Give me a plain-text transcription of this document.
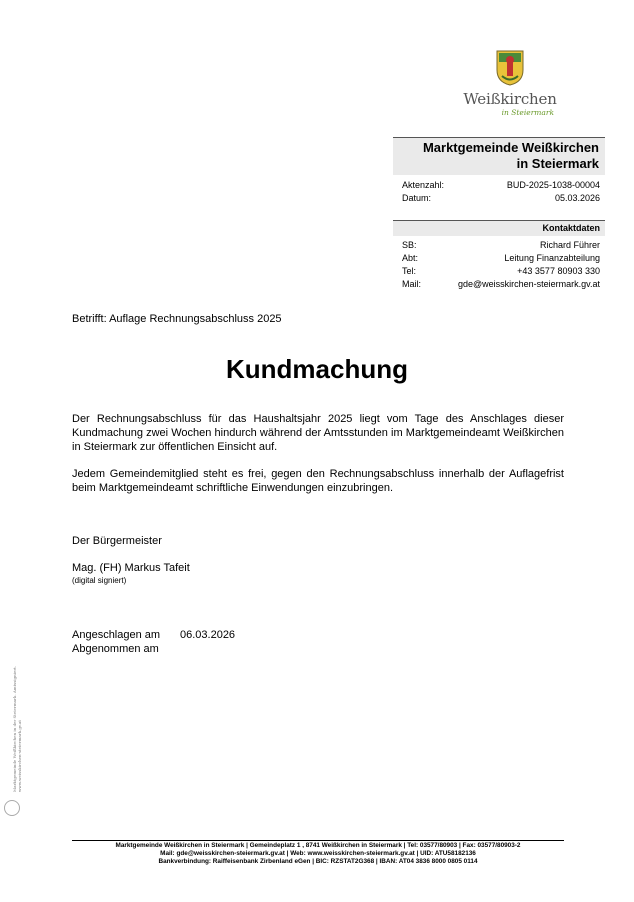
Weißkirchen
in Steiermark
Marktgemeinde Weißkirchen
in Steiermark
Aktenzahl:	BUD-2025-1038-00004
Datum:	05.03.2026
Kontaktdaten
SB:	Richard Führer
Abt:	Leitung Finanzabteilung
Tel:	+43 3577 80903 330
Mail:	gde@weisskirchen-steiermark.gv.at
Betrifft: Auflage Rechnungsabschluss 2025
Kundmachung
Der Rechnungsabschluss für das Haushaltsjahr 2025 liegt vom Tage des Anschlages dieser Kundmachung zwei Wochen hindurch während der Amtsstunden im Marktgemeindeamt Weißkirchen in Steiermark zur öffentlichen Einsicht auf.
Jedem Gemeindemitglied steht es frei, gegen den Rechnungsabschluss innerhalb der Auflagefrist beim Marktgemeindeamt schriftliche Einwendungen einzubringen.
Der Bürgermeister
Mag. (FH) Markus Tafeit
(digital signiert)
Angeschlagen am 06.03.2026
Abgenommen am
Marktgemeinde Weißkirchen in der Steiermark. Amtssigniert.
www.weisskirchen-steiermark.gv.at
Marktgemeinde Weißkirchen in Steiermark | Gemeindeplatz 1 , 8741 Weißkirchen in Steiermark | Tel: 03577/80903 | Fax: 03577/80903-2
Mail: gde@weisskirchen-steiermark.gv.at | Web: www.weisskirchen-steiermark.gv.at | UID: ATU58182136
Bankverbindung: Raiffeisenbank Zirbenland eGen | BIC: RZSTAT2G368 | IBAN: AT04 3836 8000 0805 0114
